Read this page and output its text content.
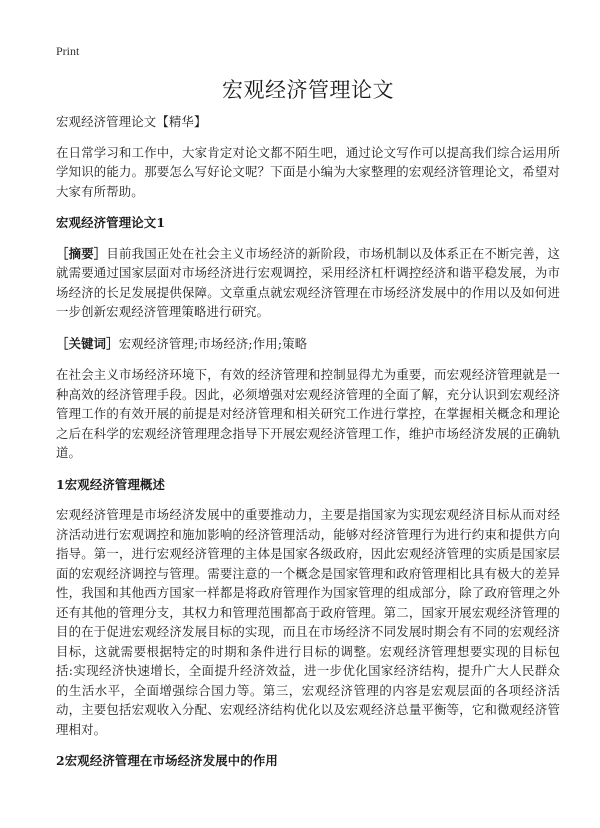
Print
宏观经济管理论文

宏观经济管理论文【精华】

在日常学习和工作中，大家肯定对论文都不陌生吧，通过论文写作可以提高我们综合运用所学知识的能力。那要怎么写好论文呢？下面是小编为大家整理的宏观经济管理论文，希望对大家有所帮助。

宏观经济管理论文1

［摘要］目前我国正处在社会主义市场经济的新阶段，市场机制以及体系正在不断完善，这就需要通过国家层面对市场经济进行宏观调控，采用经济杠杆调控经济和谐平稳发展，为市场经济的长足发展提供保障。文章重点就宏观经济管理在市场经济发展中的作用以及如何进一步创新宏观经济管理策略进行研究。

［关键词］宏观经济管理;市场经济;作用;策略

在社会主义市场经济环境下，有效的经济管理和控制显得尤为重要，而宏观经济管理就是一种高效的经济管理手段。因此，必须增强对宏观经济管理的全面了解，充分认识到宏观经济管理工作的有效开展的前提是对经济管理和相关研究工作进行掌控，在掌握相关概念和理论之后在科学的宏观经济管理理念指导下开展宏观经济管理工作，维护市场经济发展的正确轨道。

1宏观经济管理概述

宏观经济管理是市场经济发展中的重要推动力，主要是指国家为实现宏观经济目标从而对经济活动进行宏观调控和施加影响的经济管理活动，能够对经济管理行为进行约束和提供方向指导。第一，进行宏观经济管理的主体是国家各级政府，因此宏观经济管理的实质是国家层面的宏观经济调控与管理。需要注意的一个概念是国家管理和政府管理相比具有极大的差异性，我国和其他西方国家一样都是将政府管理作为国家管理的组成部分，除了政府管理之外还有其他的管理分支，其权力和管理范围都高于政府管理。第二，国家开展宏观经济管理的目的在于促进宏观经济发展目标的实现，而且在市场经济不同发展时期会有不同的宏观经济目标，这就需要根据特定的时期和条件进行目标的调整。宏观经济管理想要实现的目标包括:实现经济快速增长，全面提升经济效益，进一步优化国家经济结构，提升广大人民群众的生活水平，全面增强综合国力等。第三，宏观经济管理的内容是宏观层面的各项经济活动，主要包括宏观收入分配、宏观经济结构优化以及宏观经济总量平衡等，它和微观经济管理相对。

2宏观经济管理在市场经济发展中的作用
